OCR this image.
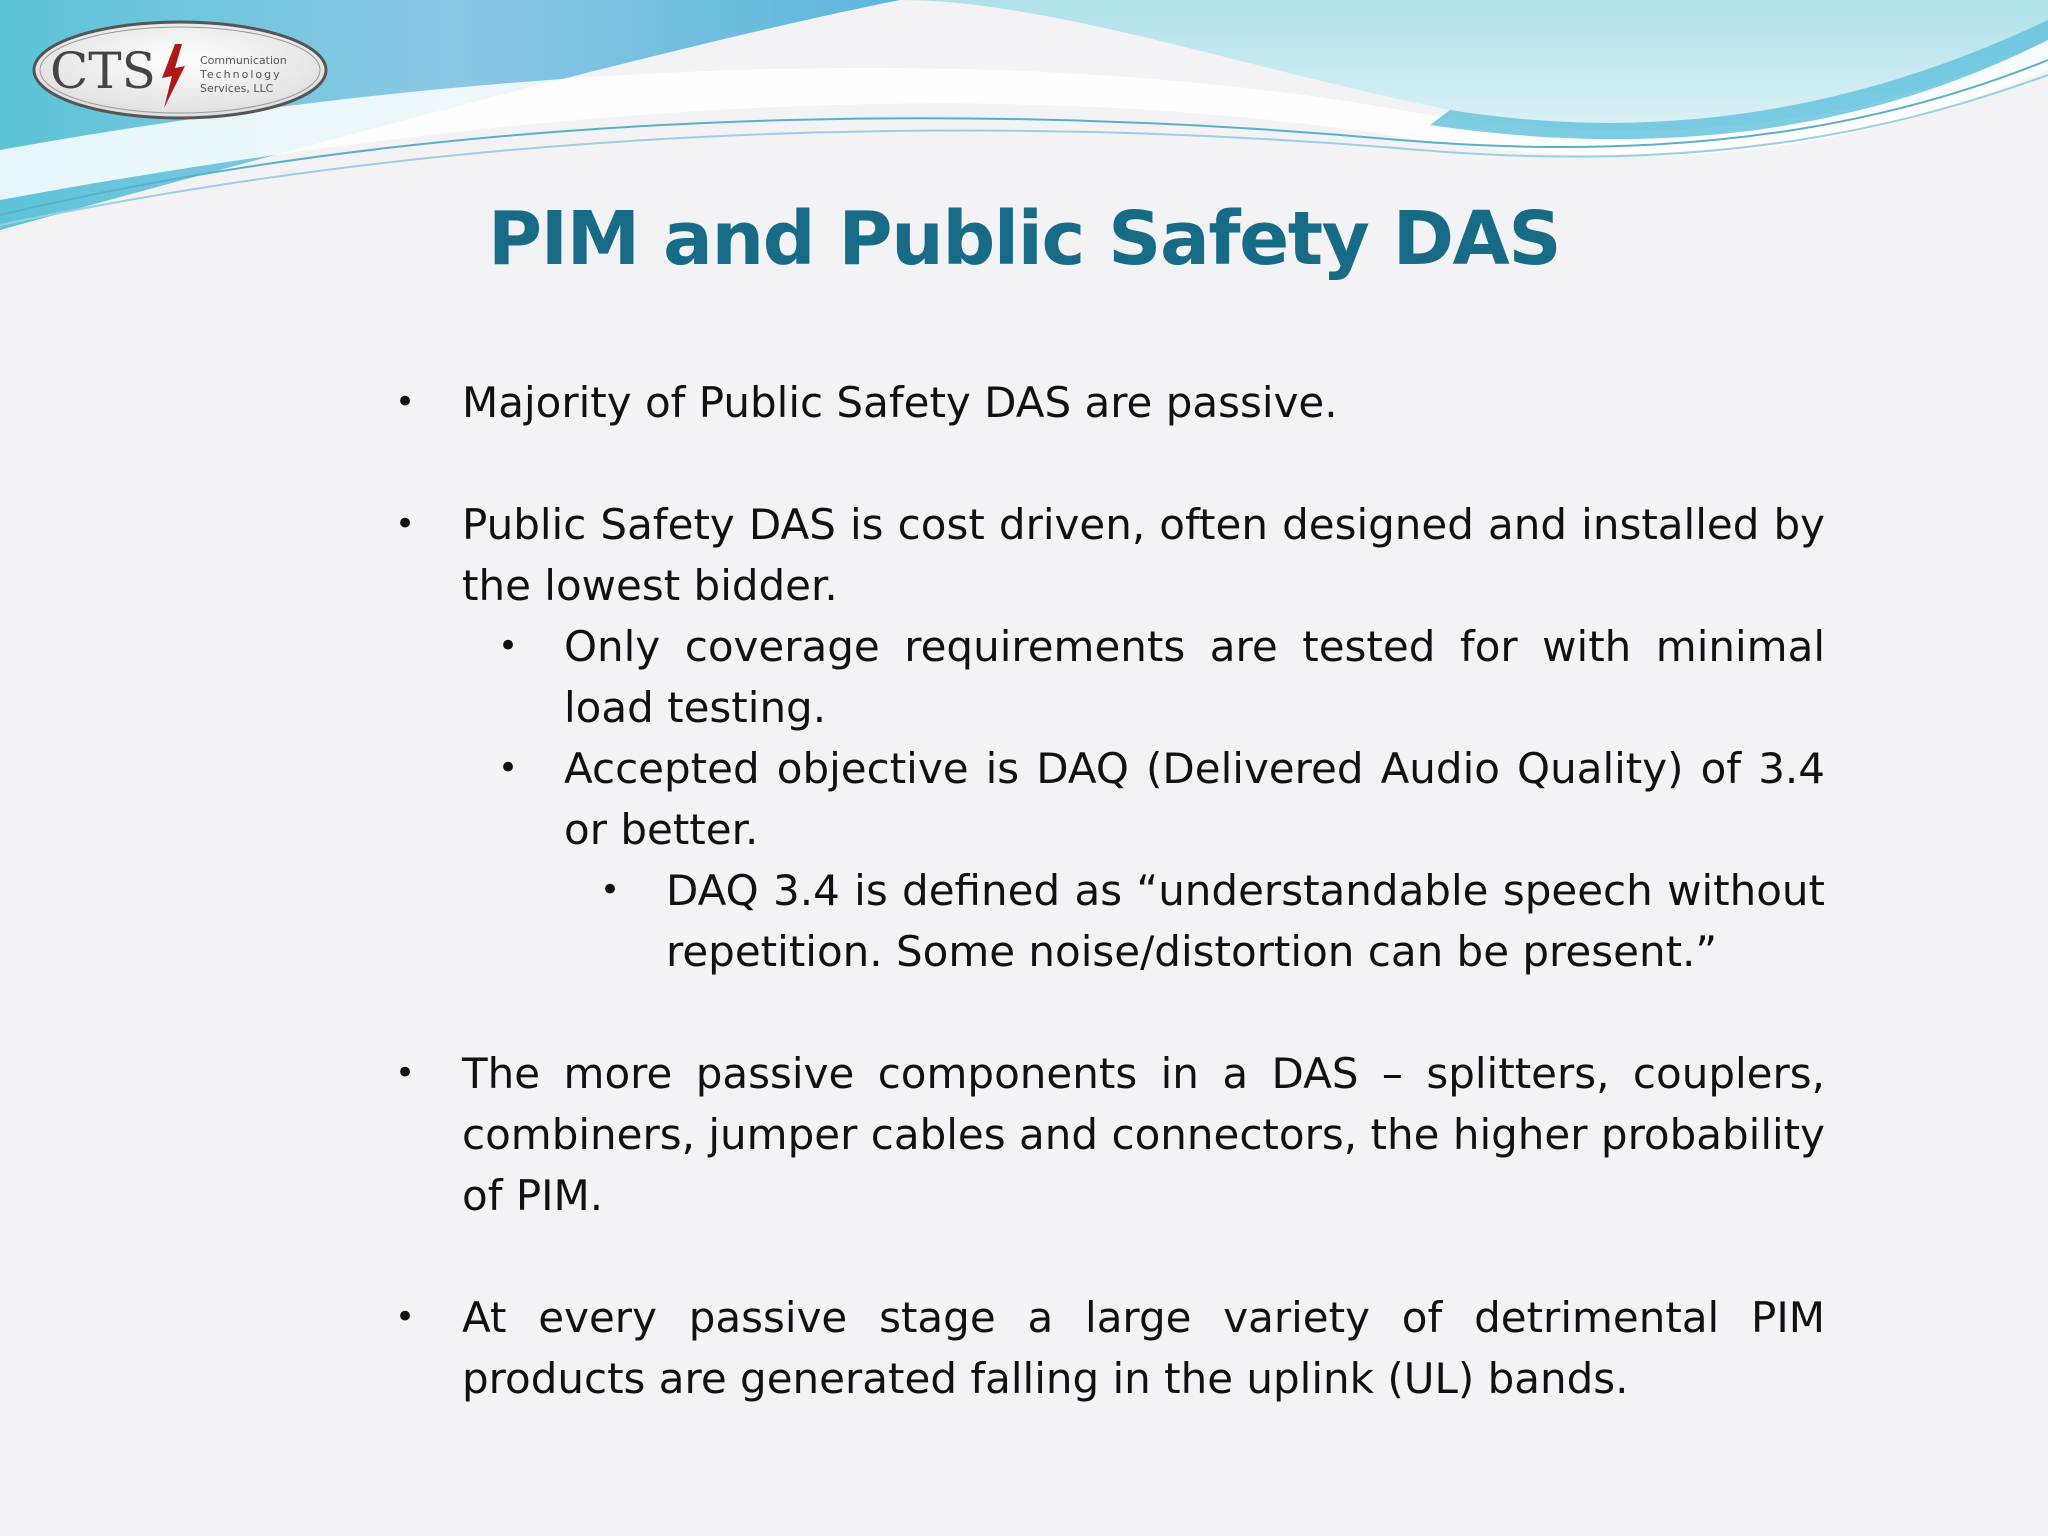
CTS	Communication
Technology
Services, LLC
PIM and Public Safety DAS
• Majority of Public Safety DAS are passive.
• Public Safety DAS is cost driven, often designed and installed by the lowest bidder.
• Only coverage requirements are tested for with minimal load testing.
• Accepted objective is DAQ (Delivered Audio Quality) of 3.4 or better.
• DAQ 3.4 is defined as “understandable speech without repetition. Some noise/distortion can be present.”
• The more passive components in a DAS – splitters, couplers, combiners, jumper cables and connectors, the higher probability of PIM.
• At every passive stage a large variety of detrimental PIM products are generated falling in the uplink (UL) bands.
